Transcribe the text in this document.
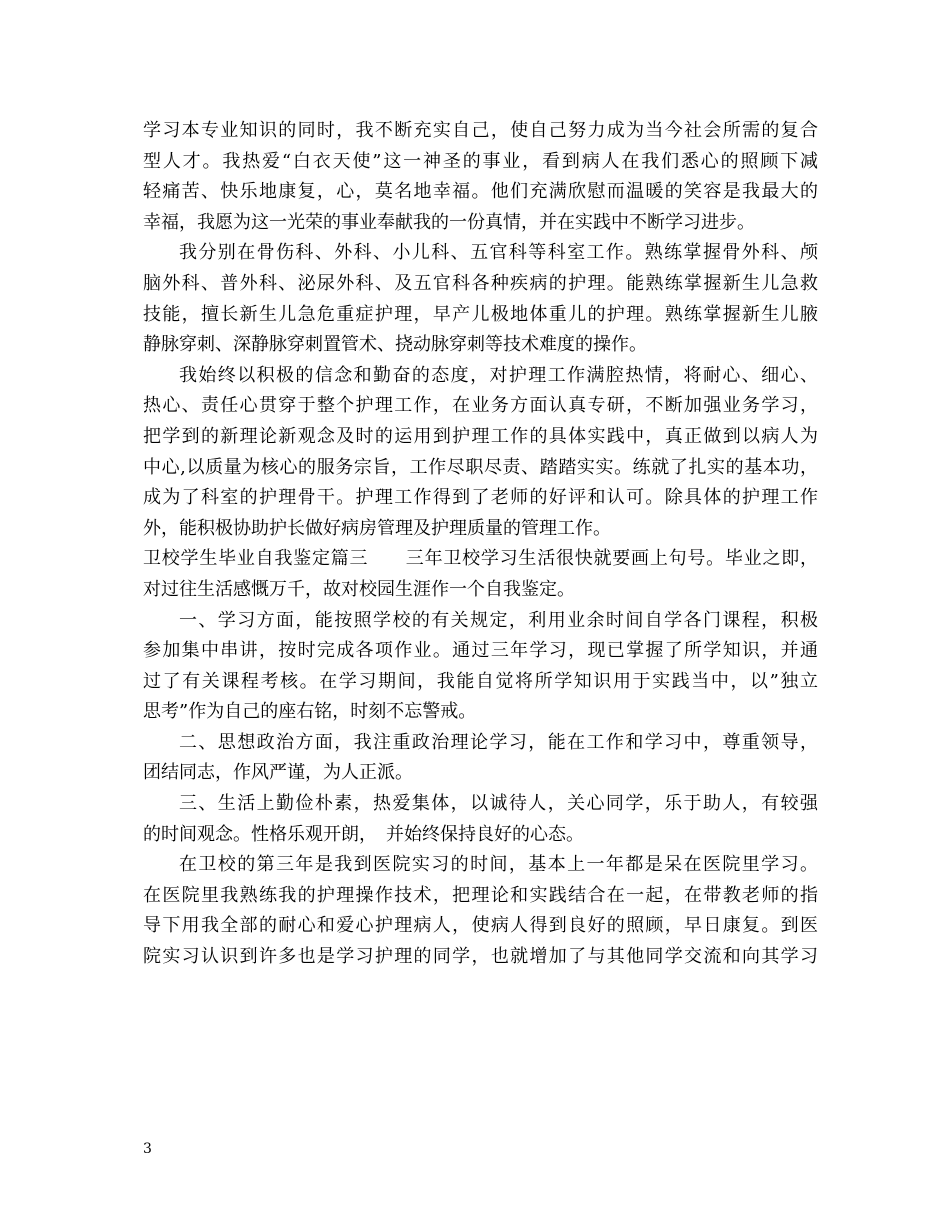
学习本专业知识的同时，我不断充实自己，使自己努力成为当今社会所需的复合
型人才。我热爱“白衣天使”这一神圣的事业，看到病人在我们悉心的照顾下减
轻痛苦、快乐地康复，心，莫名地幸福。他们充满欣慰而温暖的笑容是我最大的
幸福，我愿为这一光荣的事业奉献我的一份真情，并在实践中不断学习进步。
我分别在骨伤科、外科、小儿科、五官科等科室工作。熟练掌握骨外科、颅
脑外科、普外科、泌尿外科、及五官科各种疾病的护理。能熟练掌握新生儿急救
技能，擅长新生儿急危重症护理，早产儿极地体重儿的护理。熟练掌握新生儿腋
静脉穿刺、深静脉穿刺置管术、挠动脉穿刺等技术难度的操作。
我始终以积极的信念和勤奋的态度，对护理工作满腔热情，将耐心、细心、
热心、责任心贯穿于整个护理工作，在业务方面认真专研，不断加强业务学习，
把学到的新理论新观念及时的运用到护理工作的具体实践中，真正做到以病人为
中心,以质量为核心的服务宗旨，工作尽职尽责、踏踏实实。练就了扎实的基本功，
成为了科室的护理骨干。护理工作得到了老师的好评和认可。除具体的护理工作
外，能积极协助护长做好病房管理及护理质量的管理工作。
卫校学生毕业自我鉴定篇三　　三年卫校学习生活很快就要画上句号。毕业之即，
对过往生活感慨万千，故对校园生涯作一个自我鉴定。
一、学习方面，能按照学校的有关规定，利用业余时间自学各门课程，积极
参加集中串讲，按时完成各项作业。通过三年学习，现已掌握了所学知识，并通
过了有关课程考核。在学习期间，我能自觉将所学知识用于实践当中，以”独立
思考”作为自己的座右铭，时刻不忘警戒。
二、思想政治方面，我注重政治理论学习，能在工作和学习中，尊重领导，
团结同志，作风严谨，为人正派。
三、生活上勤俭朴素，热爱集体，以诚待人，关心同学，乐于助人，有较强
的时间观念。性格乐观开朗，　并始终保持良好的心态。
在卫校的第三年是我到医院实习的时间，基本上一年都是呆在医院里学习。
在医院里我熟练我的护理操作技术，把理论和实践结合在一起，在带教老师的指
导下用我全部的耐心和爱心护理病人，使病人得到良好的照顾，早日康复。到医
院实习认识到许多也是学习护理的同学，也就增加了与其他同学交流和向其学习
3
